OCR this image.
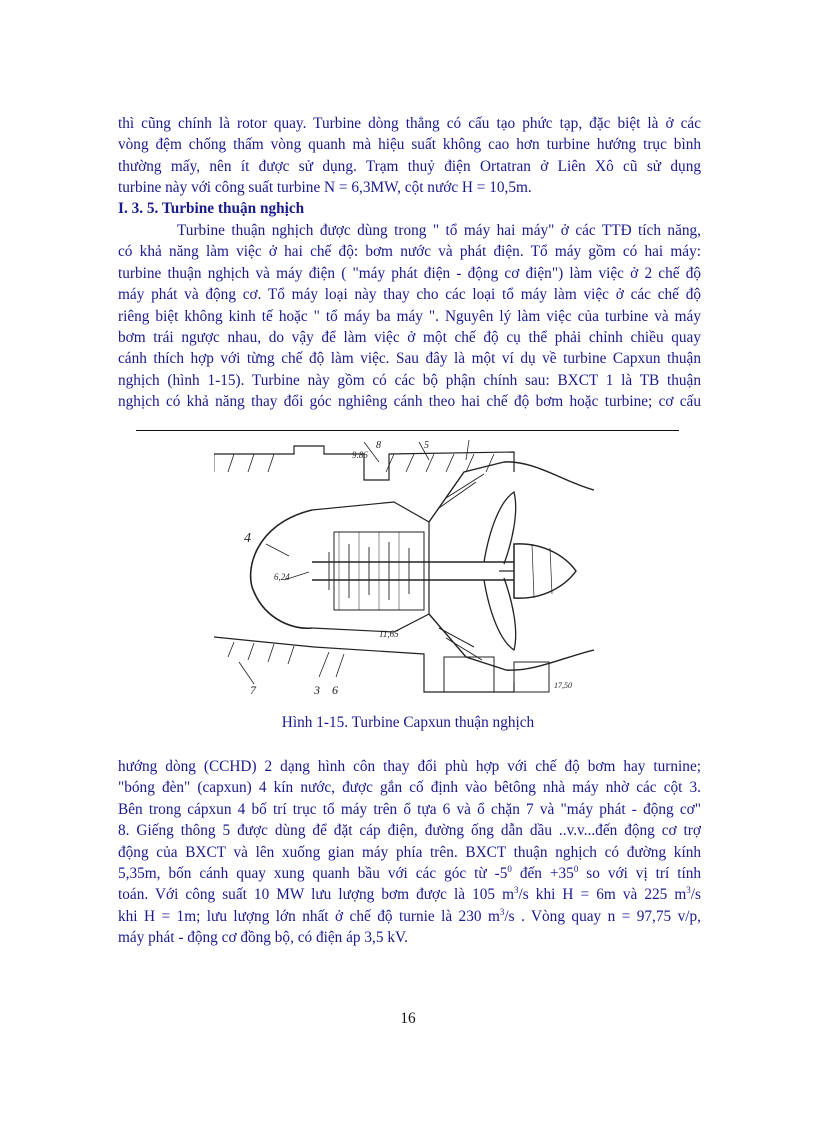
thì cũng chính là rotor quay. Turbine dòng thẳng có cấu tạo phức tạp, đặc biệt là ở các
vòng đệm chống thấm vòng quanh mà hiệu suất không cao hơn turbine hướng trục bình
thường mấy, nên ít được sử dụng. Trạm thuỷ điện Ortatran ở Liên Xô cũ sử dụng
turbine này với công suất turbine N = 6,3MW, cột nước H = 10,5m.
I. 3. 5. Turbine thuận nghịch
Turbine thuận nghịch được dùng trong " tổ máy hai máy" ở các TTĐ tích năng,
có khả năng làm việc ở hai chế độ: bơm nước và phát điện. Tổ máy gồm có hai máy:
turbine thuận nghịch và máy điện ( "máy phát điện - động cơ điện") làm việc ở 2 chế độ
máy phát và động cơ. Tổ máy loại này thay cho các loại tổ máy làm việc ở các chế độ
riêng biệt không kinh tế hoặc " tổ máy ba máy ". Nguyên lý làm việc của turbine và máy
bơm trái ngược nhau, do vậy để làm việc ở một chế độ cụ thể phải chỉnh chiều quay
cánh thích hợp với từng chế độ làm việc. Sau đây là một ví dụ về turbine Capxun thuận
nghịch (hình 1-15). Turbine này gồm có các bộ phận chính sau: BXCT 1 là TB thuận
nghịch có khả năng thay đổi góc nghiêng cánh theo hai chế độ bơm hoặc turbine; cơ cấu
4
6,24
9.86
11,65
17,50
7	3 6
8	5
Hình 1-15. Turbine Capxun thuận nghịch
hướng dòng (CCHD) 2 dạng hình côn thay đổi phù hợp với chế độ bơm hay turnine;
"bóng đèn" (capxun) 4 kín nước, được gắn cố định vào bêtông nhà máy nhờ các cột 3.
Bên trong cápxun 4 bố trí trục tổ máy trên ổ tựa 6 và ổ chặn 7 và "máy phát - động cơ"
8. Giếng thông 5 được dùng để đặt cáp điện, đường ống dẫn dầu ..v.v...đến động cơ trợ
động của BXCT và lên xuống gian máy phía trên. BXCT thuận nghịch có đường kính
5,35m, bốn cánh quay xung quanh bầu với các góc từ $-5^0$ đến $+35^0$ so với vị trí tính
toán. Với công suất 10 MW lưu lượng bơm được là 105 $m^3/s$ khi H = 6m và 225 $m^3/s$
khi H = 1m; lưu lượng lớn nhất ở chế độ turnie là 230 $m^3/s$ . Vòng quay n = 97,75 v/p,
máy phát - động cơ đồng bộ, có điện áp 3,5 kV.
16
